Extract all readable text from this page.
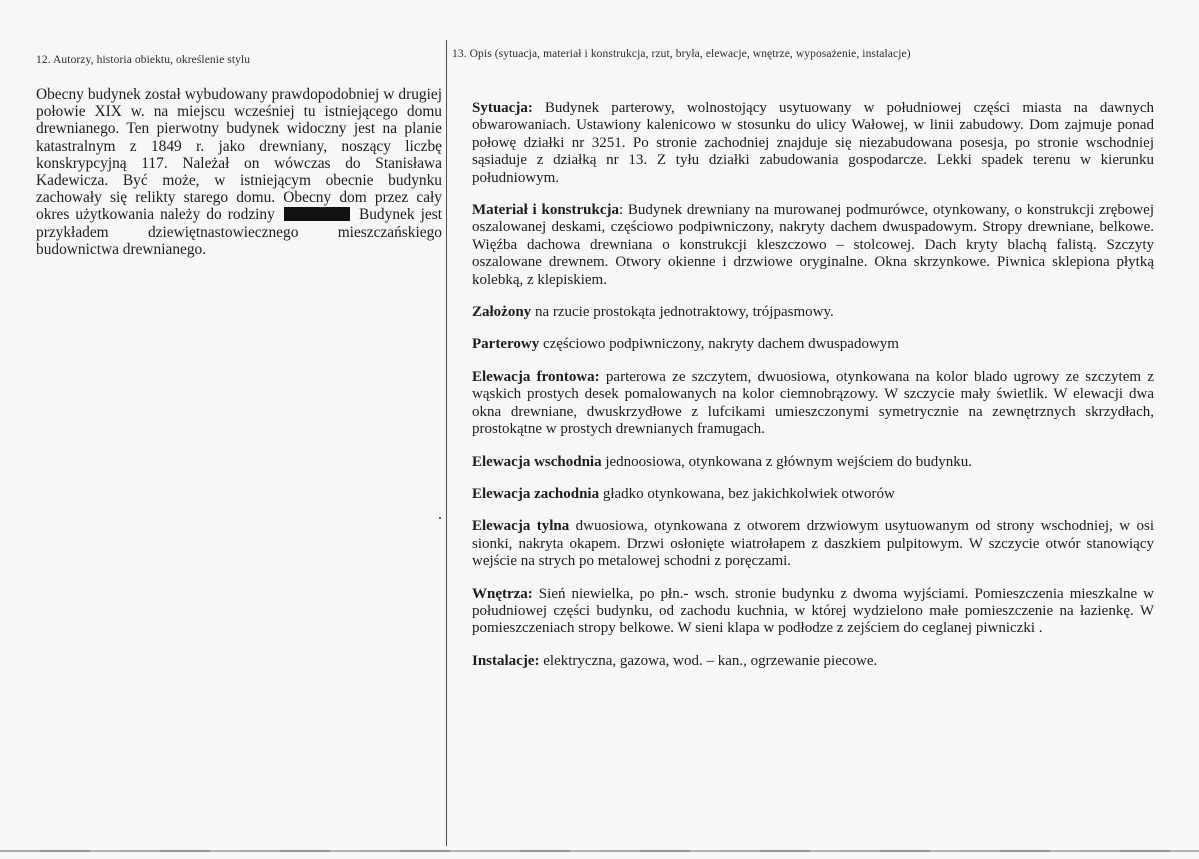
12. Autorzy, historia obiektu, określenie stylu
Obecny budynek został wybudowany prawdopodobniej w drugiej połowie XIX w. na miejscu wcześniej tu istniejącego domu drewnianego. Ten pierwotny budynek widoczny jest na planie katastralnym z 1849 r. jako drewniany, noszący liczbę konskrypcyjną 117. Należał on wówczas do Stanisława Kadewicza. Być może, w istniejącym obecnie budynku zachowały się relikty starego domu. Obecny dom przez cały okres użytkowania należy do rodziny	Budynek jest przykładem dziewiętnastowiecznego mieszczańskiego budownictwa drewnianego.
13. Opis (sytuacja, materiał i konstrukcja, rzut, bryła, elewacje, wnętrze, wyposażenie, instalacje)

Sytuacja: Budynek parterowy, wolnostojący usytuowany w południowej części miasta na dawnych obwarowaniach. Ustawiony kalenicowo w stosunku do ulicy Wałowej, w linii zabudowy. Dom zajmuje ponad połowę działki nr 3251. Po stronie zachodniej znajduje się niezabudowana posesja, po stronie wschodniej sąsiaduje z działką nr 13. Z tyłu działki zabudowania gospodarcze. Lekki spadek terenu w kierunku południowym.

Materiał i konstrukcja: Budynek drewniany na murowanej podmurówce, otynkowany, o konstrukcji zrębowej oszalowanej deskami, częściowo podpiwniczony, nakryty dachem dwuspadowym. Stropy drewniane, belkowe. Więźba dachowa drewniana o konstrukcji kleszczowo – stolcowej. Dach kryty blachą falistą. Szczyty oszalowane drewnem. Otwory okienne i drzwiowe oryginalne. Okna skrzynkowe. Piwnica sklepiona płytką kolebką, z klepiskiem.

Założony na rzucie prostokąta jednotraktowy, trójpasmowy.

Parterowy częściowo podpiwniczony, nakryty dachem dwuspadowym

Elewacja frontowa: parterowa ze szczytem, dwuosiowa, otynkowana na kolor blado ugrowy ze szczytem z wąskich prostych desek pomalowanych na kolor ciemnobrązowy. W szczycie mały świetlik. W elewacji dwa okna drewniane, dwuskrzydłowe z lufcikami umieszczonymi symetrycznie na zewnętrznych skrzydłach, prostokątne w prostych drewnianych framugach.

Elewacja wschodnia jednoosiowa, otynkowana z głównym wejściem do budynku.

Elewacja zachodnia gładko otynkowana, bez jakichkolwiek otworów

Elewacja tylna dwuosiowa, otynkowana z otworem drzwiowym usytuowanym od strony wschodniej, w osi sionki, nakryta okapem. Drzwi osłonięte wiatrołapem z daszkiem pulpitowym. W szczycie otwór stanowiący wejście na strych po metalowej schodni z poręczami.

Wnętrza: Sień niewielka, po płn.- wsch. stronie budynku z dwoma wyjściami. Pomieszczenia mieszkalne w południowej części budynku, od zachodu kuchnia, w której wydzielono małe pomieszczenie na łazienkę. W pomieszczeniach stropy belkowe. W sieni klapa w podłodze z zejściem do ceglanej piwniczki .

Instalacje: elektryczna, gazowa, wod. – kan., ogrzewanie piecowe.
